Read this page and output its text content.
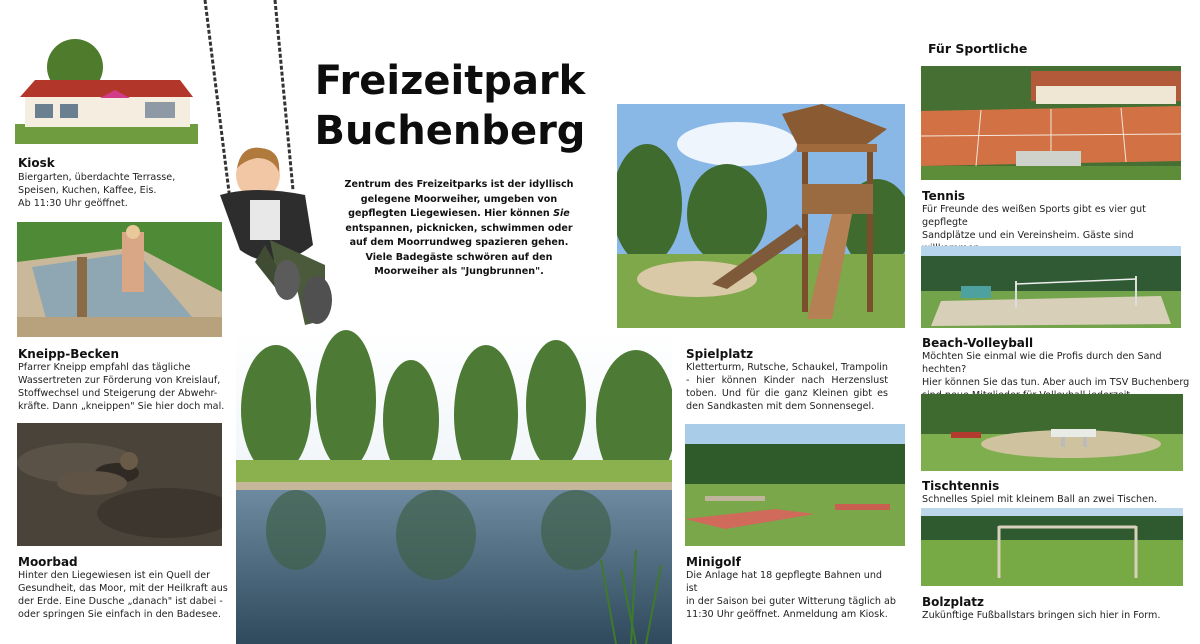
Freizeitpark
Buchenberg
Zentrum des Freizeitparks ist der idyllisch gelegene Moorweiher, umgeben von gepflegten Liegewiesen. Hier können Sie entspannen, picknicken, schwimmen oder auf dem Moorrundweg spazieren gehen. Viele Badegäste schwören auf den Moorweiher als "Jungbrunnen".
Für Sportliche
Kiosk
Biergarten, überdachte Terrasse,
Speisen, Kuchen, Kaffee, Eis.
Ab 11:30 Uhr geöffnet.
Kneipp-Becken
Pfarrer Kneipp empfahl das tägliche
Wassertreten zur Förderung von Kreislauf,
Stoffwechsel und Steigerung der Abwehr-
kräfte. Dann „kneippen" Sie hier doch mal.
Moorbad
Hinter den Liegewiesen ist ein Quell der
Gesundheit, das Moor, mit der Heilkraft aus
der Erde. Eine Dusche „danach" ist dabei -
oder springen Sie einfach in den Badesee.
Spielplatz
Kletterturm, Rutsche, Schaukel, Trampolin - hier können Kinder nach Herzenslust toben. Und für die ganz Kleinen gibt es den Sandkasten mit dem Sonnensegel.
Minigolf
Die Anlage hat 18 gepflegte Bahnen und ist
in der Saison bei guter Witterung täglich ab
11:30 Uhr geöffnet. Anmeldung am Kiosk.
Tennis
Für Freunde des weißen Sports gibt es vier gut gepflegte
Sandplätze und ein Vereinsheim. Gäste sind
Beach-Volleyball
Möchten Sie einmal wie die Profis durch den Sand hechten?
Hier können Sie das tun. Aber auch im TSV Buchenberg
Tischtennis
Schnelles Spiel mit kleinem Ball an zwei Tischen.
Bolzplatz
Zukünftige Fußballstars bringen sich hier in Form.
